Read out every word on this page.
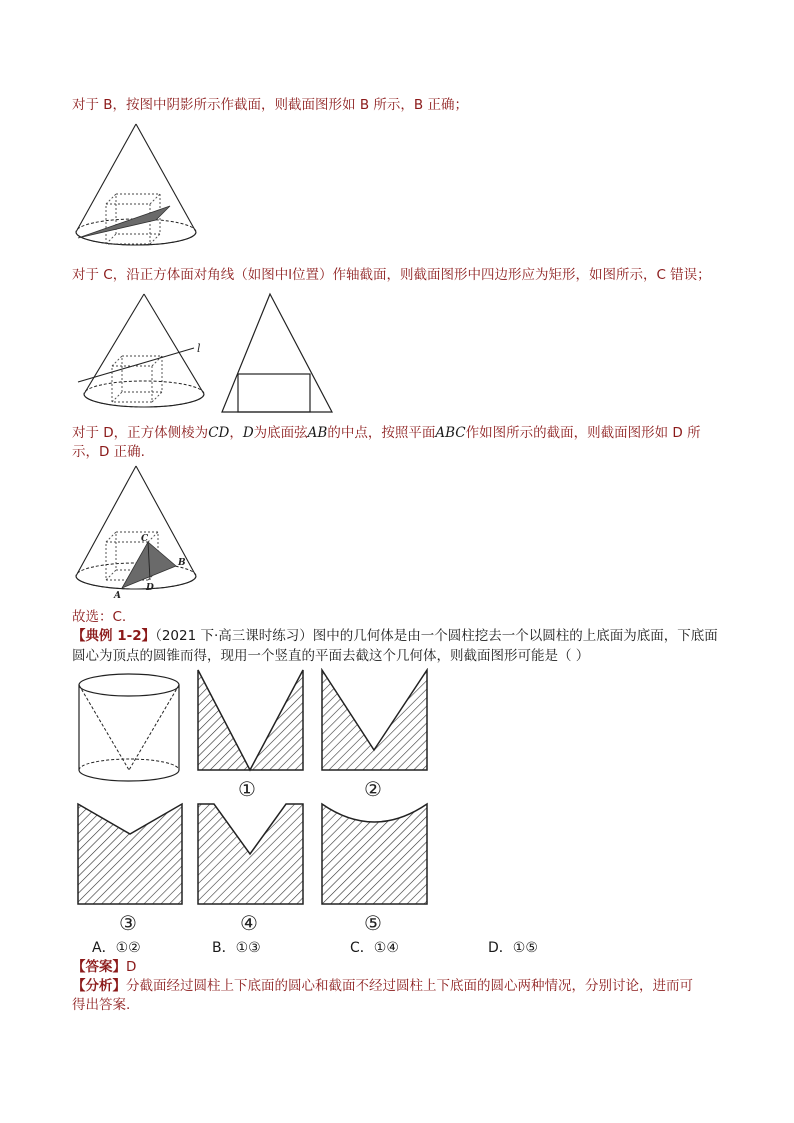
对于 B，按图中阴影所示作截面，则截面图形如 B 所示，B 正确；
对于 C，沿正方体面对角线（如图中l位置）作轴截面，则截面图形中四边形应为矩形，如图所示，C 错误；
l
对于 D，正方体侧棱为CD，D为底面弦AB的中点，按照平面ABC作如图所示的截面，则截面图形如 D 所
示，D 正确.
C
B
D
A
故选：C.
【典例 1-2】（2021 下·高三课时练习）图中的几何体是由一个圆柱挖去一个以圆柱的上底面为底面，下底面
圆心为顶点的圆锥而得，现用一个竖直的平面去截这个几何体，则截面图形可能是（ ）
①	②
③	④	⑤
A．①②	B．①③	C．①④	D．①⑤
【答案】D
【分析】分截面经过圆柱上下底面的圆心和截面不经过圆柱上下底面的圆心两种情况，分别讨论，进而可
得出答案.
